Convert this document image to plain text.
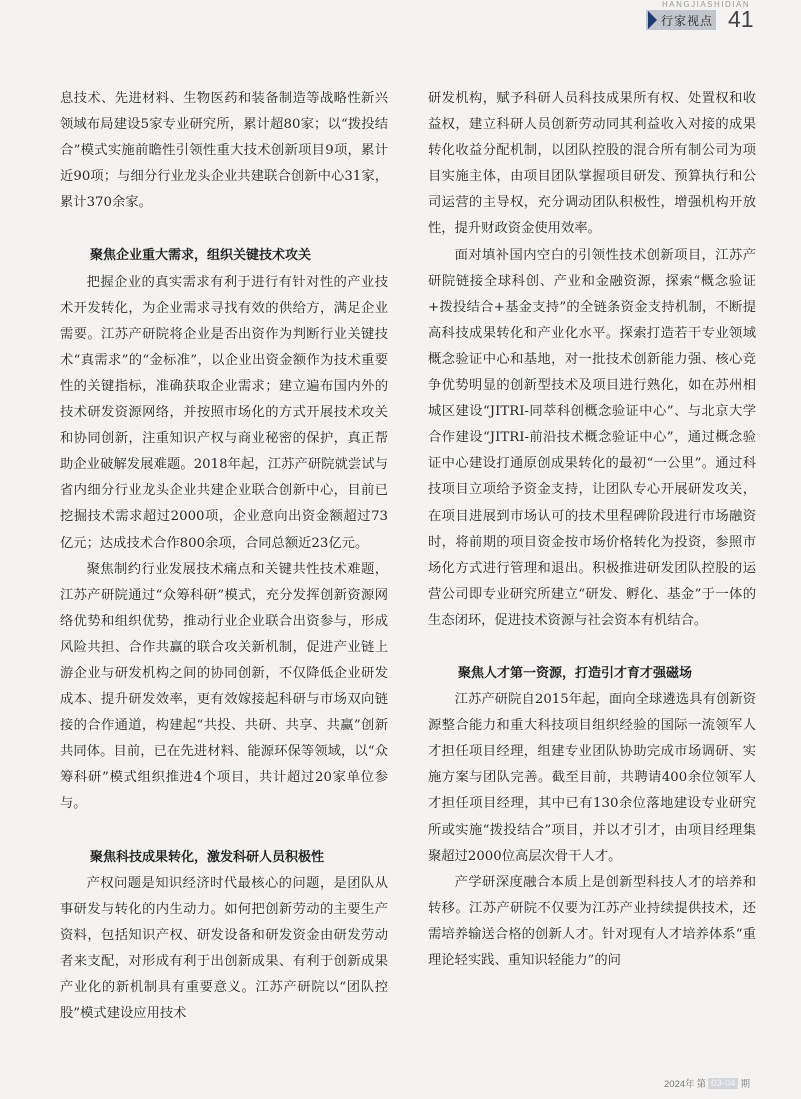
HANGJIASHIDIAN
行家视点 41

息技术、先进材料、生物医药和装备制造等战略性新兴领域布局建设5家专业研究所，累计超80家；以“拨投结合”模式实施前瞻性引领性重大技术创新项目9项，累计近90项；与细分行业龙头企业共建联合创新中心31家，累计370余家。

聚焦企业重大需求，组织关键技术攻关

把握企业的真实需求有利于进行有针对性的产业技术开发转化，为企业需求寻找有效的供给方，满足企业需要。江苏产研院将企业是否出资作为判断行业关键技术“真需求”的“金标准”，以企业出资金额作为技术重要性的关键指标，准确获取企业需求；建立遍布国内外的技术研发资源网络，并按照市场化的方式开展技术攻关和协同创新，注重知识产权与商业秘密的保护，真正帮助企业破解发展难题。2018年起，江苏产研院就尝试与省内细分行业龙头企业共建企业联合创新中心，目前已挖掘技术需求超过2000项，企业意向出资金额超过73亿元；达成技术合作800余项，合同总额近23亿元。

聚焦制约行业发展技术痛点和关键共性技术难题，江苏产研院通过“众筹科研”模式，充分发挥创新资源网络优势和组织优势，推动行业企业联合出资参与，形成风险共担、合作共赢的联合攻关新机制，促进产业链上游企业与研发机构之间的协同创新，不仅降低企业研发成本、提升研发效率，更有效嫁接起科研与市场双向链接的合作通道，构建起“共投、共研、共享、共赢”创新共同体。目前，已在先进材料、能源环保等领域，以“众筹科研”模式组织推进4个项目，共计超过20家单位参与。

聚焦科技成果转化，激发科研人员积极性

产权问题是知识经济时代最核心的问题，是团队从事研发与转化的内生动力。如何把创新劳动的主要生产资料，包括知识产权、研发设备和研发资金由研发劳动者来支配，对形成有利于出创新成果、有利于创新成果产业化的新机制具有重要意义。江苏产研院以“团队控股”模式建设应用技术

研发机构，赋予科研人员科技成果所有权、处置权和收益权，建立科研人员创新劳动同其利益收入对接的成果转化收益分配机制，以团队控股的混合所有制公司为项目实施主体，由项目团队掌握项目研发、预算执行和公司运营的主导权，充分调动团队积极性，增强机构开放性，提升财政资金使用效率。

面对填补国内空白的引领性技术创新项目，江苏产研院链接全球科创、产业和金融资源，探索“概念验证+拨投结合+基金支持”的全链条资金支持机制，不断提高科技成果转化和产业化水平。探索打造若干专业领域概念验证中心和基地，对一批技术创新能力强、核心竞争优势明显的创新型技术及项目进行熟化，如在苏州相城区建设“JITRI-同萃科创概念验证中心”、与北京大学合作建设“JITRI-前沿技术概念验证中心”，通过概念验证中心建设打通原创成果转化的最初“一公里”。通过科技项目立项给予资金支持，让团队专心开展研发攻关，在项目进展到市场认可的技术里程碑阶段进行市场融资时，将前期的项目资金按市场价格转化为投资，参照市场化方式进行管理和退出。积极推进研发团队控股的运营公司即专业研究所建立“研发、孵化、基金”于一体的生态闭环，促进技术资源与社会资本有机结合。

聚焦人才第一资源，打造引才育才强磁场

江苏产研院自2015年起，面向全球遴选具有创新资源整合能力和重大科技项目组织经验的国际一流领军人才担任项目经理，组建专业团队协助完成市场调研、实施方案与团队完善。截至目前，共聘请400余位领军人才担任项目经理，其中已有130余位落地建设专业研究所或实施“拨投结合”项目，并以才引才，由项目经理集聚超过2000位高层次骨干人才。

产学研深度融合本质上是创新型科技人才的培养和转移。江苏产研院不仅要为江苏产业持续提供技术，还需培养输送合格的创新人才。针对现有人才培养体系“重理论轻实践、重知识轻能力”的问

2024年 第 03-04 期
